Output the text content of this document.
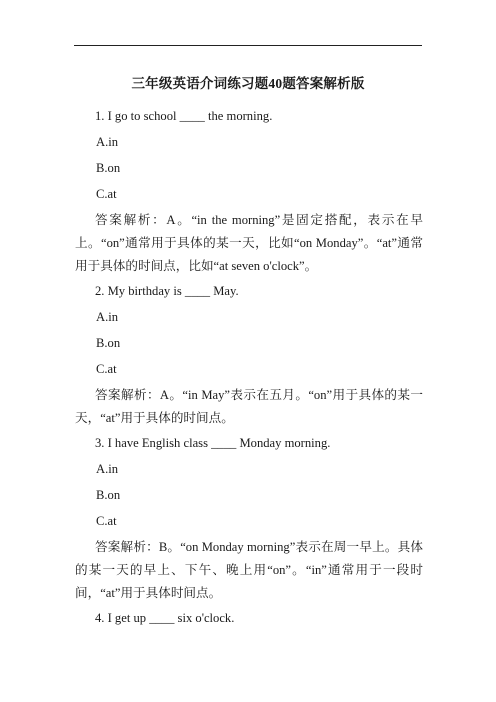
三年级英语介词练习题40题答案解析版

1. I go to school ____ the morning.

A.in

B.on

C.at

答案解析：A。“in the morning”是固定搭配，表示在早上。“on”通常用于具体的某一天，比如“on Monday”。“at”通常用于具体的时间点，比如“at seven o'clock”。

2. My birthday is ____ May.

A.in

B.on

C.at

答案解析：A。“in May”表示在五月。“on”用于具体的某一天，“at”用于具体的时间点。

3. I have English class ____ Monday morning.

A.in

B.on

C.at

答案解析：B。“on Monday morning”表示在周一早上。具体的某一天的早上、下午、晚上用“on”。“in”通常用于一段时间，“at”用于具体时间点。

4. I get up ____ six o'clock.
